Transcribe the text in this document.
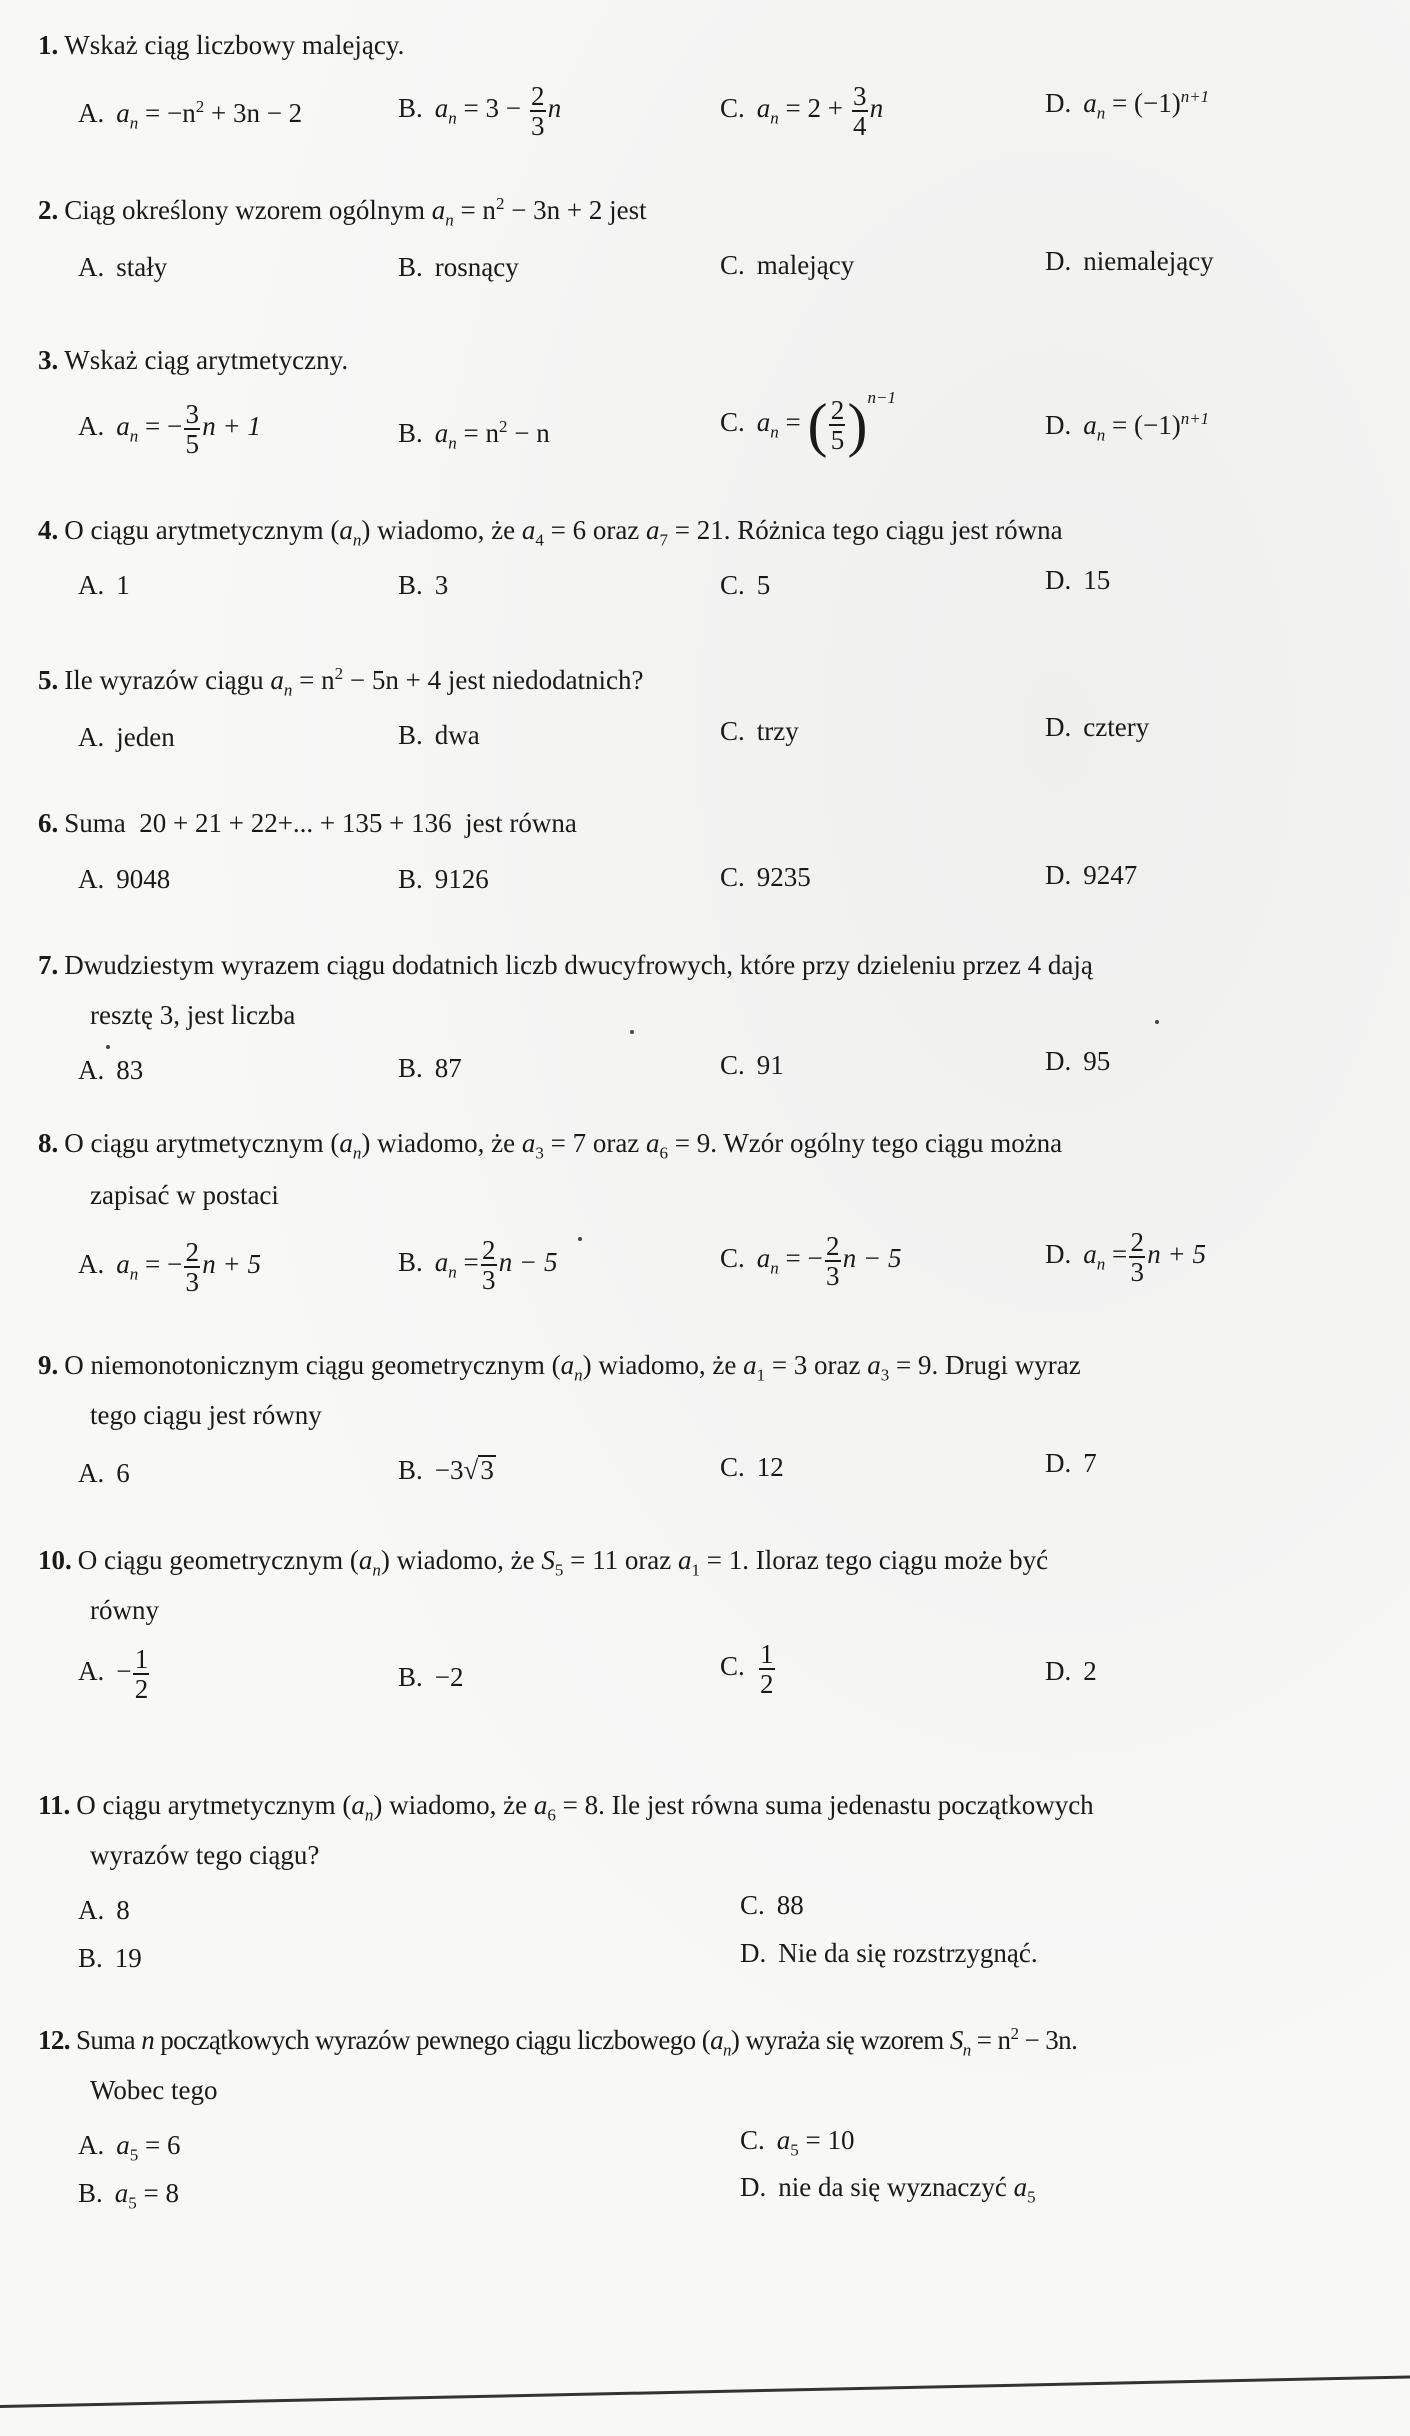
1. Wskaż ciąg liczbowy malejący.
A. $a_n = -n^2 + 3n - 2$	B. $a_n = 3 - \frac{2}{3}$ n	C. $a_n = 2 + \frac{3}{4}$ n	D. $a_n = (-1)^{n+1}$
2. Ciąg określony wzorem ogólnym $a_n = n^2 - 3n + 2$ jest
A. stały	B. rosnący	C. malejący	D. niemalejący
3. Wskaż ciąg arytmetyczny.
A. $a_n$ = − $\frac{3}{5}$ n + 1	B. $a_n = n^2 - n$	C. $a_n$ = ( $\frac{2}{5} )^{n-1}$
D. $a_n = (-1)^{n+1}$
4. O ciągu arytmetycznym $(a_n)$ wiadomo, że $a_4 = 6$ oraz $a_7 = 21$. Różnica tego ciągu jest równa
A. 1	B. 3	C. 5	D. 15
5. Ile wyrazów ciągu $a_n = n^2 - 5n + 4$ jest niedodatnich?
A. jeden	B. dwa	C. trzy	D. cztery
6. Suma  20 + 21 + 22+... + 135 + 136  jest równa
A. 9048	B. 9126	C. 9235	D. 9247
7. Dwudziestym wyrazem ciągu dodatnich liczb dwucyfrowych, które przy dzieleniu przez 4 dają
resztę 3, jest liczba
A. 83	B. 87	C. 91	D. 95
8. O ciągu arytmetycznym $(a_n)$ wiadomo, że $a_3 = 7$ oraz $a_6 = 9$. Wzór ogólny tego ciągu można
zapisać w postaci
A. $a_n$ = − $\frac{2}{3}$ n + 5	B. $a_n = \frac{2}{3}$ n − 5	C. $a_n$ = − $\frac{2}{3}$ n − 5	D. $a_n = \frac{2}{3}$ n + 5
9. O niemonotonicznym ciągu geometrycznym $(a_n)$ wiadomo, że $a_1 = 3$ oraz $a_3 = 9$. Drugi wyraz
tego ciągu jest równy
A. 6	B. −3√3	C. 12	D. 7
10. O ciągu geometrycznym $(a_n)$ wiadomo, że $S_5 = 11$ oraz $a_1 = 1$. Iloraz tego ciągu może być
równy
A. − $\frac{1}{2}$	B. −2	C. $\frac{1}{2}$	D. 2
11. O ciągu arytmetycznym $(a_n)$ wiadomo, że $a_6 = 8$. Ile jest równa suma jedenastu początkowych
wyrazów tego ciągu?
A. 8
B. 19
C. 88
D. Nie da się rozstrzygnąć.
12. Suma n początkowych wyrazów pewnego ciągu liczbowego $(a_n)$ wyraża się wzorem $S_n = n^2 - 3n$.
Wobec tego
A. $a_5 = 6$
B. $a_5 = 8$
C. $a_5 = 10$
D. nie da się wyznaczyć $a_5$
